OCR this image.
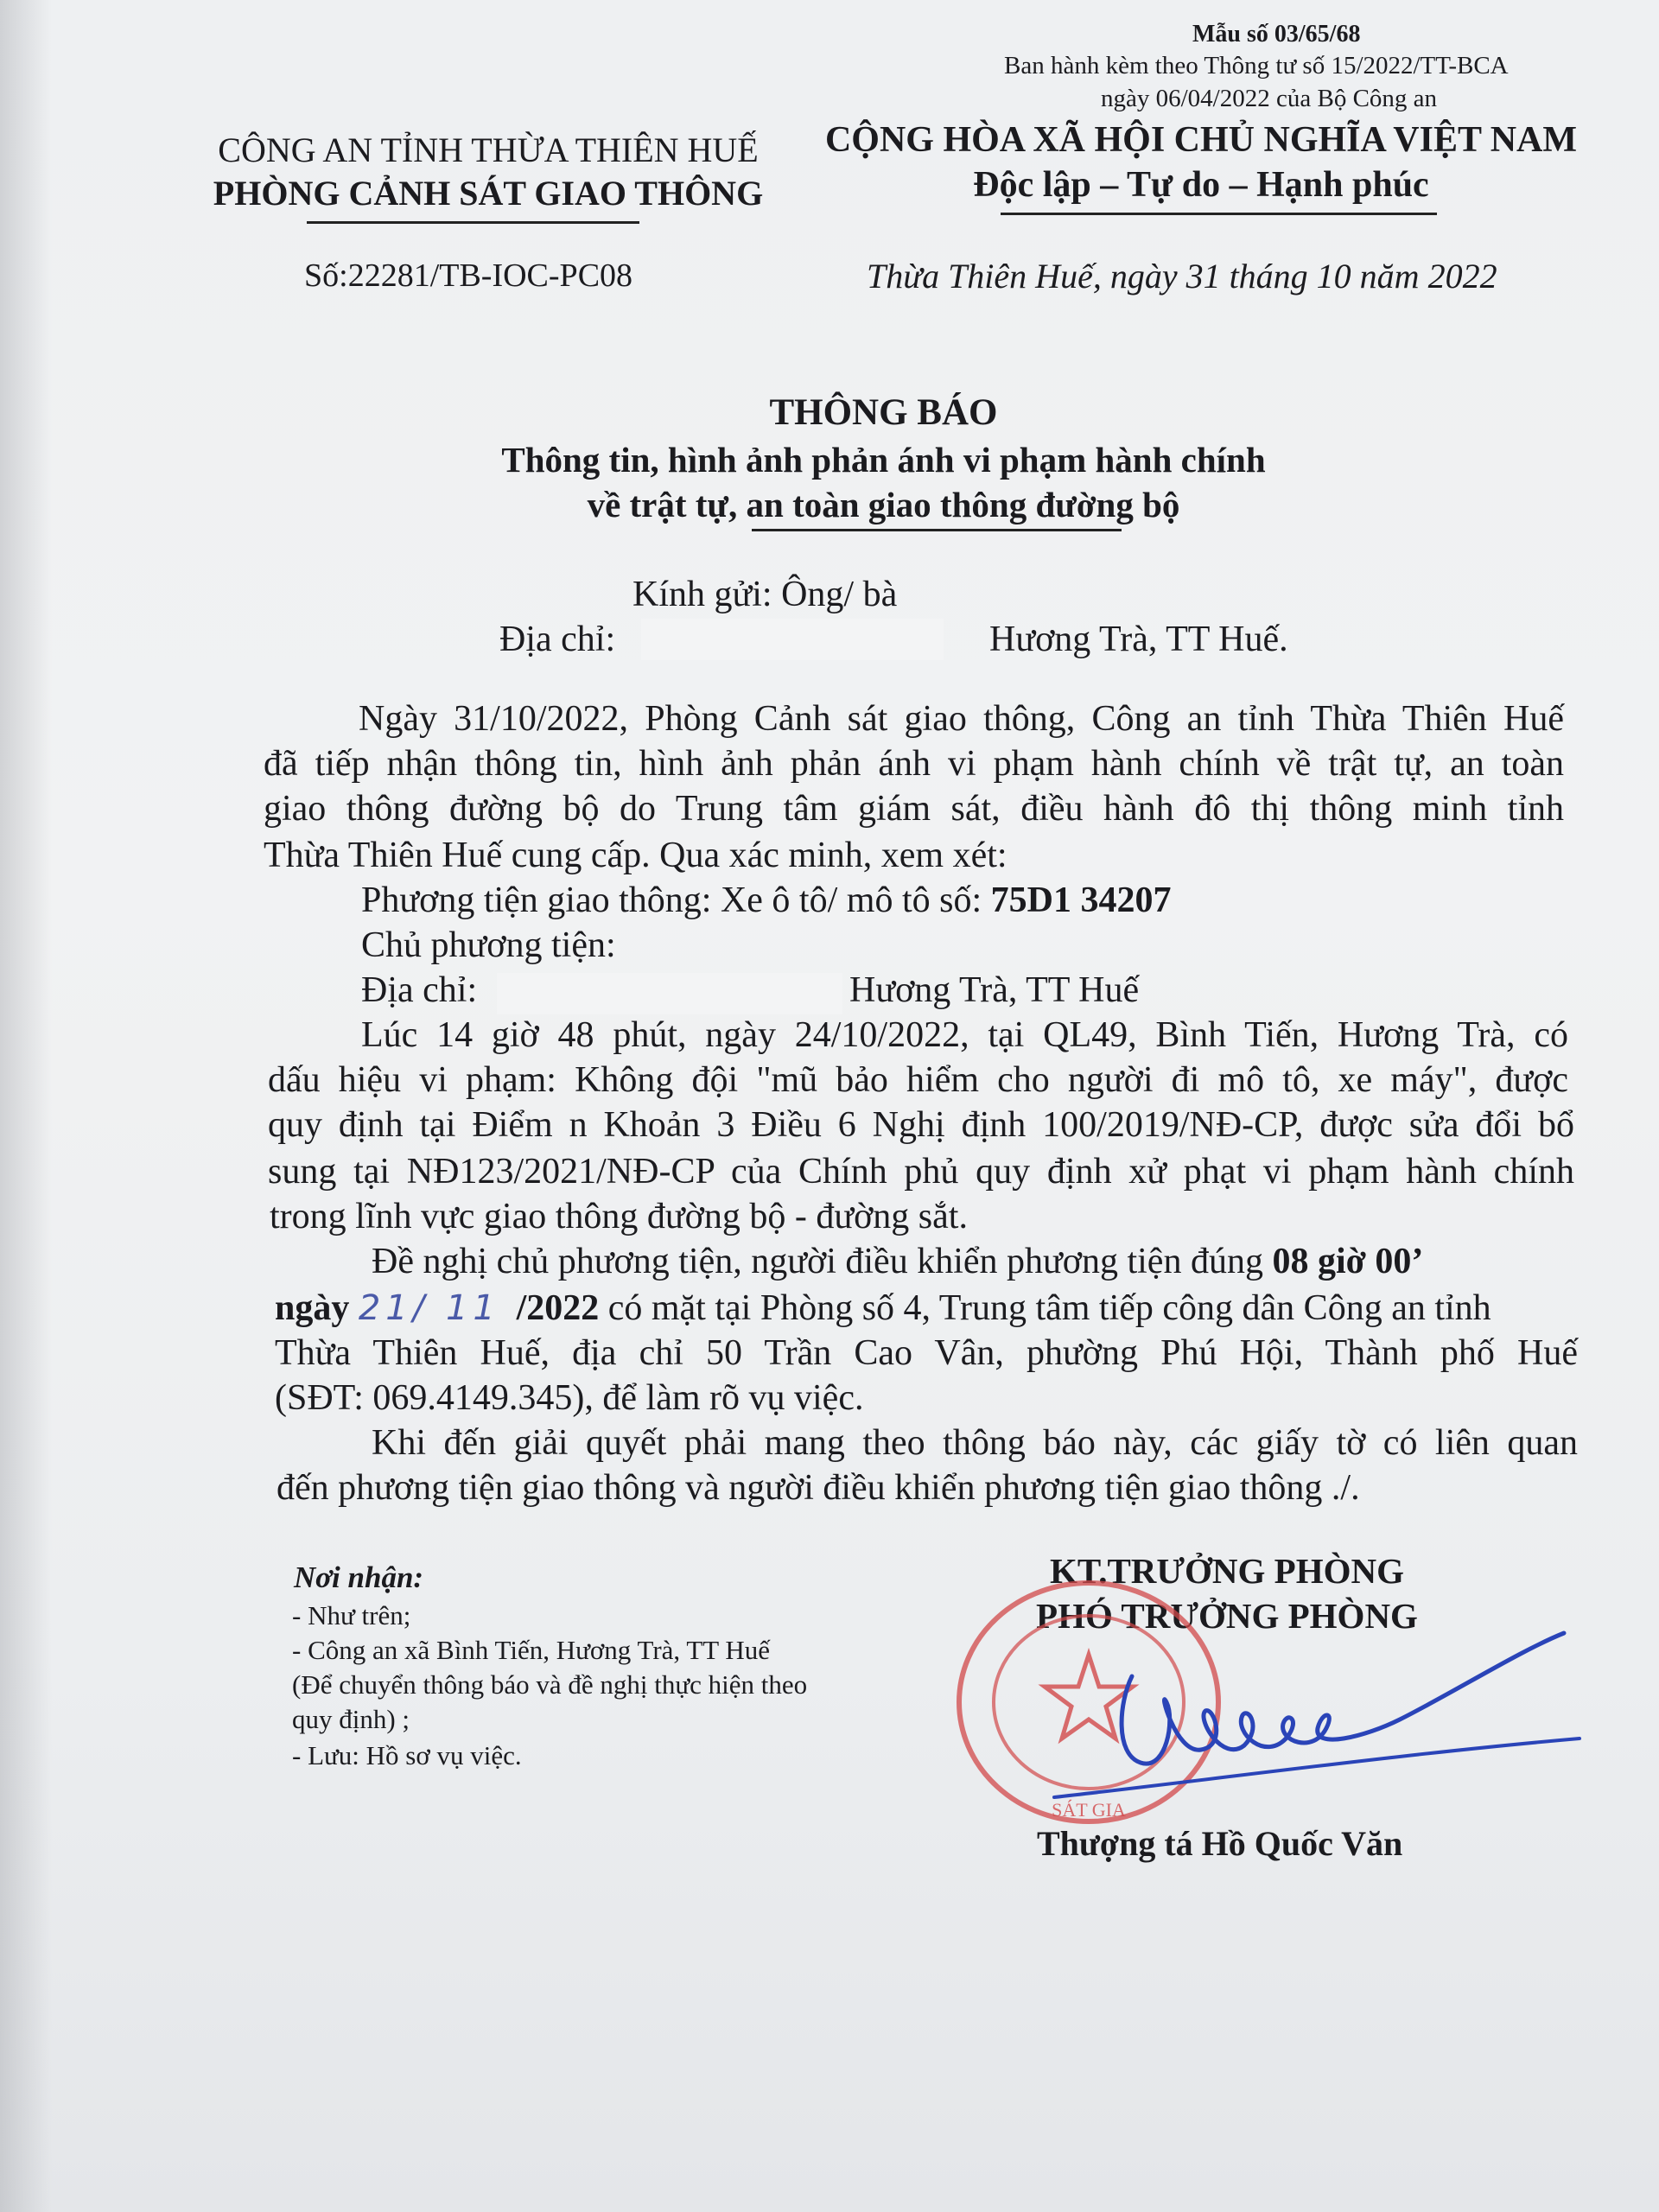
Mẫu số 03/65/68
Ban hành kèm theo Thông tư số 15/2022/TT-BCA
ngày 06/04/2022 của Bộ Công an
CÔNG AN TỈNH THỪA THIÊN HUẾ
PHÒNG CẢNH SÁT GIAO THÔNG
Số:22281/TB-IOC-PC08
CỘNG HÒA XÃ HỘI CHỦ NGHĨA VIỆT NAM
Độc lập – Tự do – Hạnh phúc
Thừa Thiên Huế, ngày 31 tháng 10 năm 2022
THÔNG BÁO
Thông tin, hình ảnh phản ánh vi phạm hành chính
về trật tự, an toàn giao thông đường bộ
Kính gửi: Ông/ bà
Địa chỉ:	Hương Trà, TT Huế.
Ngày 31/10/2022, Phòng Cảnh sát giao thông, Công an tỉnh Thừa Thiên Huế
đã tiếp nhận thông tin, hình ảnh phản ánh vi phạm hành chính về trật tự, an toàn
giao thông đường bộ do Trung tâm giám sát, điều hành đô thị thông minh tỉnh
Thừa Thiên Huế cung cấp. Qua xác minh, xem xét:
Phương tiện giao thông: Xe ô tô/ mô tô số: 75D1 34207
Chủ phương tiện:
Địa chỉ:	Hương Trà, TT Huế
Lúc 14 giờ 48 phút, ngày 24/10/2022, tại QL49, Bình Tiến, Hương Trà, có
dấu hiệu vi phạm: Không đội "mũ bảo hiểm cho người đi mô tô, xe máy", được
quy định tại Điểm n Khoản 3 Điều 6 Nghị định 100/2019/NĐ-CP, được sửa đổi bổ
sung tại NĐ123/2021/NĐ-CP của Chính phủ quy định xử phạt vi phạm hành chính
trong lĩnh vực giao thông đường bộ - đường sắt.
Đề nghị chủ phương tiện, người điều khiển phương tiện đúng 08 giờ 00’
ngày 21/ 11 /2022 có mặt tại Phòng số 4, Trung tâm tiếp công dân Công an tỉnh
Thừa Thiên Huế, địa chỉ 50 Trần Cao Vân, phường Phú Hội, Thành phố Huế
(SĐT: 069.4149.345), để làm rõ vụ việc.
Khi đến giải quyết phải mang theo thông báo này, các giấy tờ có liên quan
đến phương tiện giao thông và người điều khiển phương tiện giao thông ./.
Nơi nhận:
- Như trên;
- Công an xã Bình Tiến, Hương Trà, TT Huế
(Để chuyển thông báo và đề nghị thực hiện theo
quy định) ;
- Lưu: Hồ sơ vụ việc.
KT.TRƯỞNG PHÒNG
PHÓ TRƯỞNG PHÒNG
SÁT GIA
Thượng tá Hồ Quốc Văn
